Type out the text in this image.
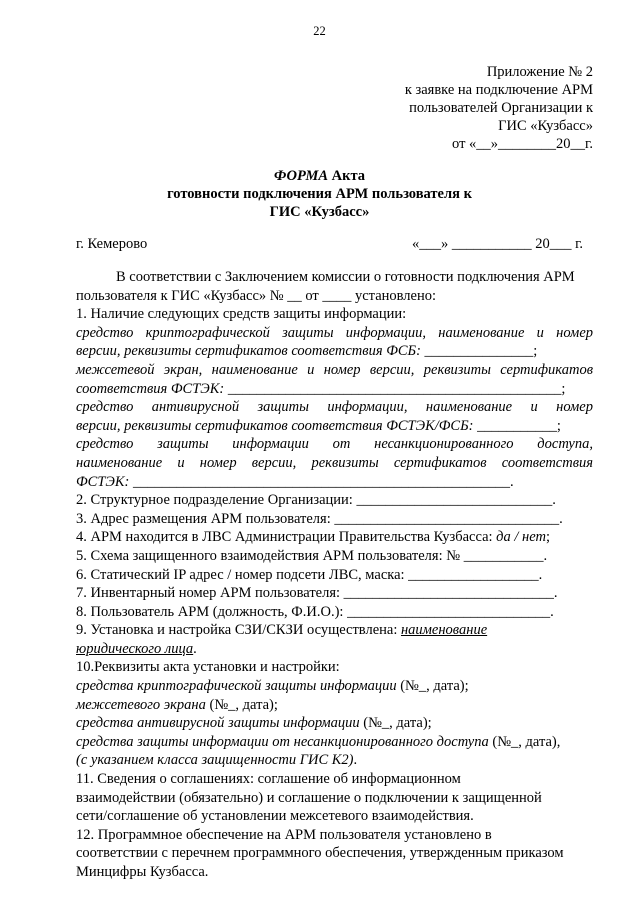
22
Приложение № 2
к заявке на подключение АРМ
пользователей Организации к
ГИС «Кузбасс»
от «__»________20__г.
ФОРМА Акта
готовности подключения АРМ пользователя к
ГИС «Кузбасс»
г. Кемерово	«___» ___________ 20___ г.
В соответствии с Заключением комиссии о готовности подключения АРМ
пользователя к ГИС «Кузбасс» № __ от ____ установлено:
1. Наличие следующих средств защиты информации:
средство криптографической защиты информации, наименование и номер
версии, реквизиты сертификатов соответствия ФСБ: _______________;
межсетевой экран, наименование и номер версии, реквизиты сертификатов
соответствия ФСТЭК: ______________________________________________;
средство антивирусной защиты информации, наименование и номер
версии, реквизиты сертификатов соответствия ФСТЭК/ФСБ: ___________;
средство защиты информации от несанкционированного доступа,
наименование и номер версии, реквизиты сертификатов соответствия
ФСТЭК: ____________________________________________________.
2. Структурное подразделение Организации: ___________________________.
3. Адрес размещения АРМ пользователя: _______________________________.
4. АРМ находится в ЛВС Администрации Правительства Кузбасса: да / нет;
5. Схема защищенного взаимодействия АРМ пользователя: № ___________.
6. Статический IP адрес / номер подсети ЛВС, маска: __________________.
7. Инвентарный номер АРМ пользователя: _____________________________.
8. Пользователь АРМ (должность, Ф.И.О.): ____________________________.
9. Установка и настройка СЗИ/СКЗИ осуществлена: наименование
юридического лица.
10.Реквизиты акта установки и настройки:
средства криптографической защиты информации (№_, дата);
межсетевого экрана (№_, дата);
средства антивирусной защиты информации (№_, дата);
средства защиты информации от несанкционированного доступа (№_, дата),
(с указанием класса защищенности ГИС К2).
11. Сведения о соглашениях: соглашение об информационном
взаимодействии (обязательно) и соглашение о подключении к защищенной
сети/соглашение об установлении межсетевого взаимодействия.
12. Программное обеспечение на АРМ пользователя установлено в
соответствии с перечнем программного обеспечения, утвержденным приказом
Минцифры Кузбасса.
